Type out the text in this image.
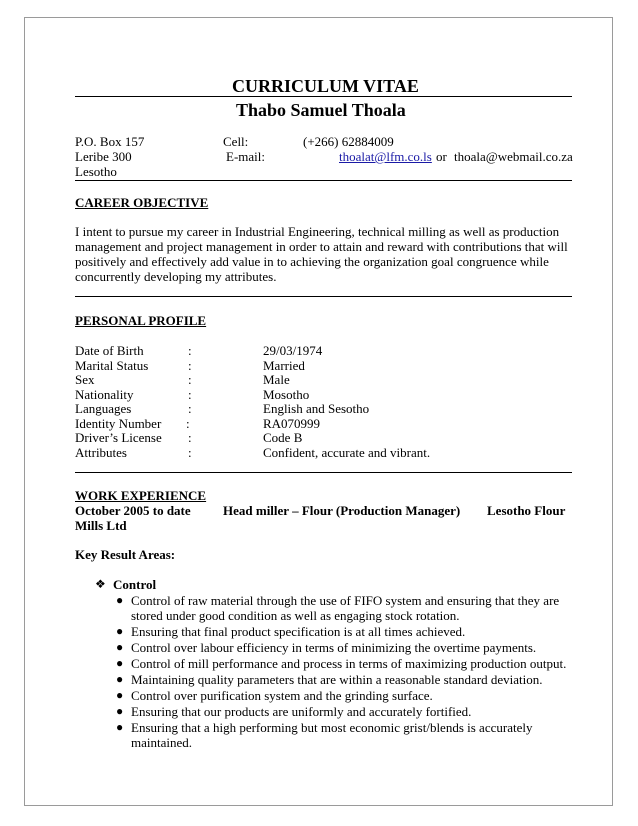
CURRICULUM VITAE
Thabo Samuel Thoala
P.O. Box 157
Leribe 300
Lesotho
Cell:	(+266) 62884009
E-mail:	thoalat@lfm.co.ls or thoala@webmail.co.za
CAREER OBJECTIVE
I intent to pursue my career in Industrial Engineering, technical milling as well as production
management and project management in order to attain and reward with contributions that will
positively and effectively add value in to achieving the organization goal congruence while
concurrently developing my attributes.
PERSONAL PROFILE
Date of Birth	:	29/03/1974
Marital Status	:	Married
Sex	:	Male
Nationality	:	Mosotho
Languages	:	English and Sesotho
Identity Number :	RA070999
Driver’s License :	Code B
Attributes	:	Confident, accurate and vibrant.
WORK EXPERIENCE
October 2005 to date Head miller – Flour (Production Manager) Lesotho Flour
Mills Ltd
Key Result Areas:
❖ Control
● Control of raw material through the use of FIFO system and ensuring that they are
stored under good condition as well as engaging stock rotation.
● Ensuring that final product specification is at all times achieved.
● Control over labour efficiency in terms of minimizing the overtime payments.
● Control of mill performance and process in terms of maximizing production output.
● Maintaining quality parameters that are within a reasonable standard deviation.
● Control over purification system and the grinding surface.
● Ensuring that our products are uniformly and accurately fortified.
● Ensuring that a high performing but most economic grist/blends is accurately
maintained.
